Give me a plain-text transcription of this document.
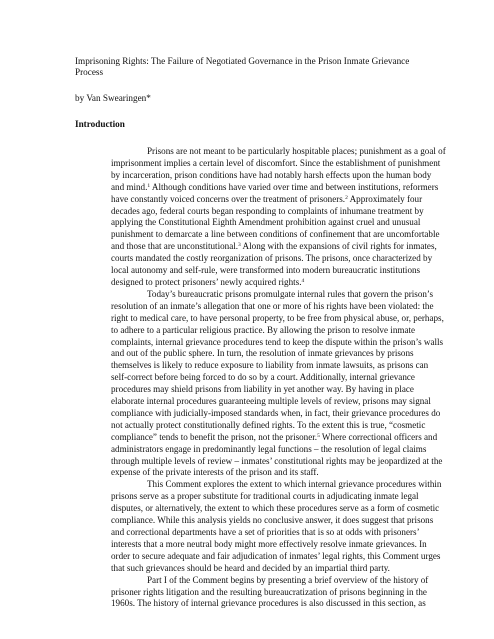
Imprisoning Rights: The Failure of Negotiated Governance in the Prison Inmate Grievance

Process

by Van Swearingen*

Introduction

Prisons are not meant to be particularly hospitable places; punishment as a goal of
imprisonment implies a certain level of discomfort. Since the establishment of punishment
by incarceration, prison conditions have had notably harsh effects upon the human body
and mind.$^1$ Although conditions have varied over time and between institutions, reformers
have constantly voiced concerns over the treatment of prisoners.$^2$ Approximately four
decades ago, federal courts began responding to complaints of inhumane treatment by
applying the Constitutional Eighth Amendment prohibition against cruel and unusual
punishment to demarcate a line between conditions of confinement that are uncomfortable
and those that are unconstitutional.$^3$ Along with the expansions of civil rights for inmates,
courts mandated the costly reorganization of prisons. The prisons, once characterized by
local autonomy and self-rule, were transformed into modern bureaucratic institutions
designed to protect prisoners’ newly acquired rights.$^4$
Today’s bureaucratic prisons promulgate internal rules that govern the prison’s
resolution of an inmate’s allegation that one or more of his rights have been violated: the
right to medical care, to have personal property, to be free from physical abuse, or, perhaps,
to adhere to a particular religious practice. By allowing the prison to resolve inmate
complaints, internal grievance procedures tend to keep the dispute within the prison’s walls
and out of the public sphere. In turn, the resolution of inmate grievances by prisons
themselves is likely to reduce exposure to liability from inmate lawsuits, as prisons can
self-correct before being forced to do so by a court. Additionally, internal grievance
procedures may shield prisons from liability in yet another way. By having in place
elaborate internal procedures guaranteeing multiple levels of review, prisons may signal
compliance with judicially-imposed standards when, in fact, their grievance procedures do
not actually protect constitutionally defined rights. To the extent this is true, “cosmetic
compliance” tends to benefit the prison, not the prisoner.$^5$ Where correctional officers and
administrators engage in predominantly legal functions – the resolution of legal claims
through multiple levels of review – inmates’ constitutional rights may be jeopardized at the
expense of the private interests of the prison and its staff.
This Comment explores the extent to which internal grievance procedures within
prisons serve as a proper substitute for traditional courts in adjudicating inmate legal
disputes, or alternatively, the extent to which these procedures serve as a form of cosmetic
compliance. While this analysis yields no conclusive answer, it does suggest that prisons
and correctional departments have a set of priorities that is so at odds with prisoners’
interests that a more neutral body might more effectively resolve inmate grievances. In
order to secure adequate and fair adjudication of inmates’ legal rights, this Comment urges
that such grievances should be heard and decided by an impartial third party.
Part I of the Comment begins by presenting a brief overview of the history of
prisoner rights litigation and the resulting bureaucratization of prisons beginning in the
1960s. The history of internal grievance procedures is also discussed in this section, as
